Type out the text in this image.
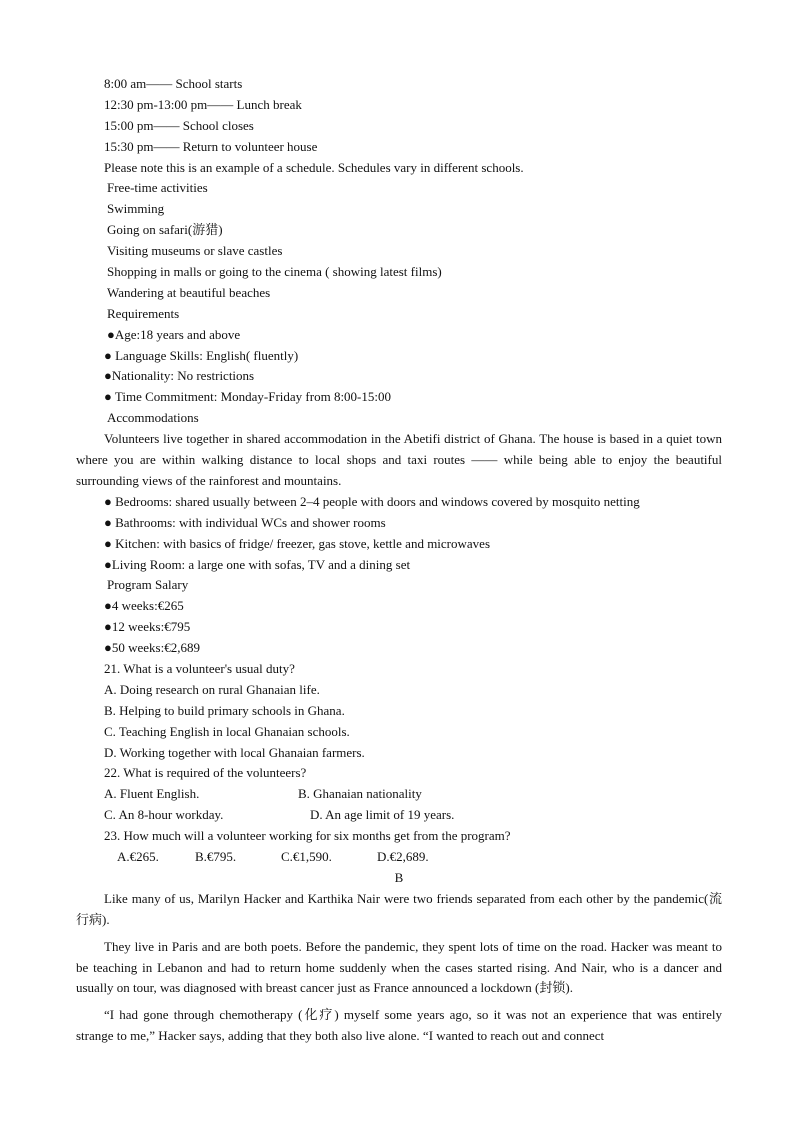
8:00 am—— School starts

12:30 pm-13:00 pm—— Lunch break

15:00 pm—— School closes

15:30 pm—— Return to volunteer house

Please note this is an example of a schedule. Schedules vary in different schools.

Free-time activities

Swimming

Going on safari(游猎)

Visiting museums or slave castles

Shopping in malls or going to the cinema ( showing latest films)

Wandering at beautiful beaches

Requirements

●Age:18 years and above

● Language Skills: English( fluently)

●Nationality: No restrictions

● Time Commitment: Monday-Friday from 8:00-15:00

Accommodations

Volunteers live together in shared accommodation in the Abetifi district of Ghana. The house is based in a quiet town where you are within walking distance to local shops and taxi routes —— while being able to enjoy the beautiful surrounding views of the rainforest and mountains.

● Bedrooms: shared usually between 2–4 people with doors and windows covered by mosquito netting

● Bathrooms: with individual WCs and shower rooms

● Kitchen: with basics of fridge/ freezer, gas stove, kettle and microwaves

●Living Room: a large one with sofas, TV and a dining set

Program Salary

●4 weeks:€265

●12 weeks:€795

●50 weeks:€2,689

21. What is a volunteer's usual duty?

A. Doing research on rural Ghanaian life.

B. Helping to build primary schools in Ghana.

C. Teaching English in local Ghanaian schools.

D. Working together with local Ghanaian farmers.

22. What is required of the volunteers?

A. Fluent English.	B. Ghanaian nationality

C. An 8-hour workday.	D. An age limit of 19 years.

23. How much will a volunteer working for six months get from the program?

A.€265.	B.€795.	C.€1,590.	D.€2,689.

B

Like many of us, Marilyn Hacker and Karthika Nair were two friends separated from each other by the pandemic(流行病).

They live in Paris and are both poets. Before the pandemic, they spent lots of time on the road. Hacker was meant to be teaching in Lebanon and had to return home suddenly when the cases started rising. And Nair, who is a dancer and usually on tour, was diagnosed with breast cancer just as France announced a lockdown (封锁).

“I had gone through chemotherapy (化疗) myself some years ago, so it was not an experience that was entirely strange to me,” Hacker says, adding that they both also live alone. “I wanted to reach out and connect
